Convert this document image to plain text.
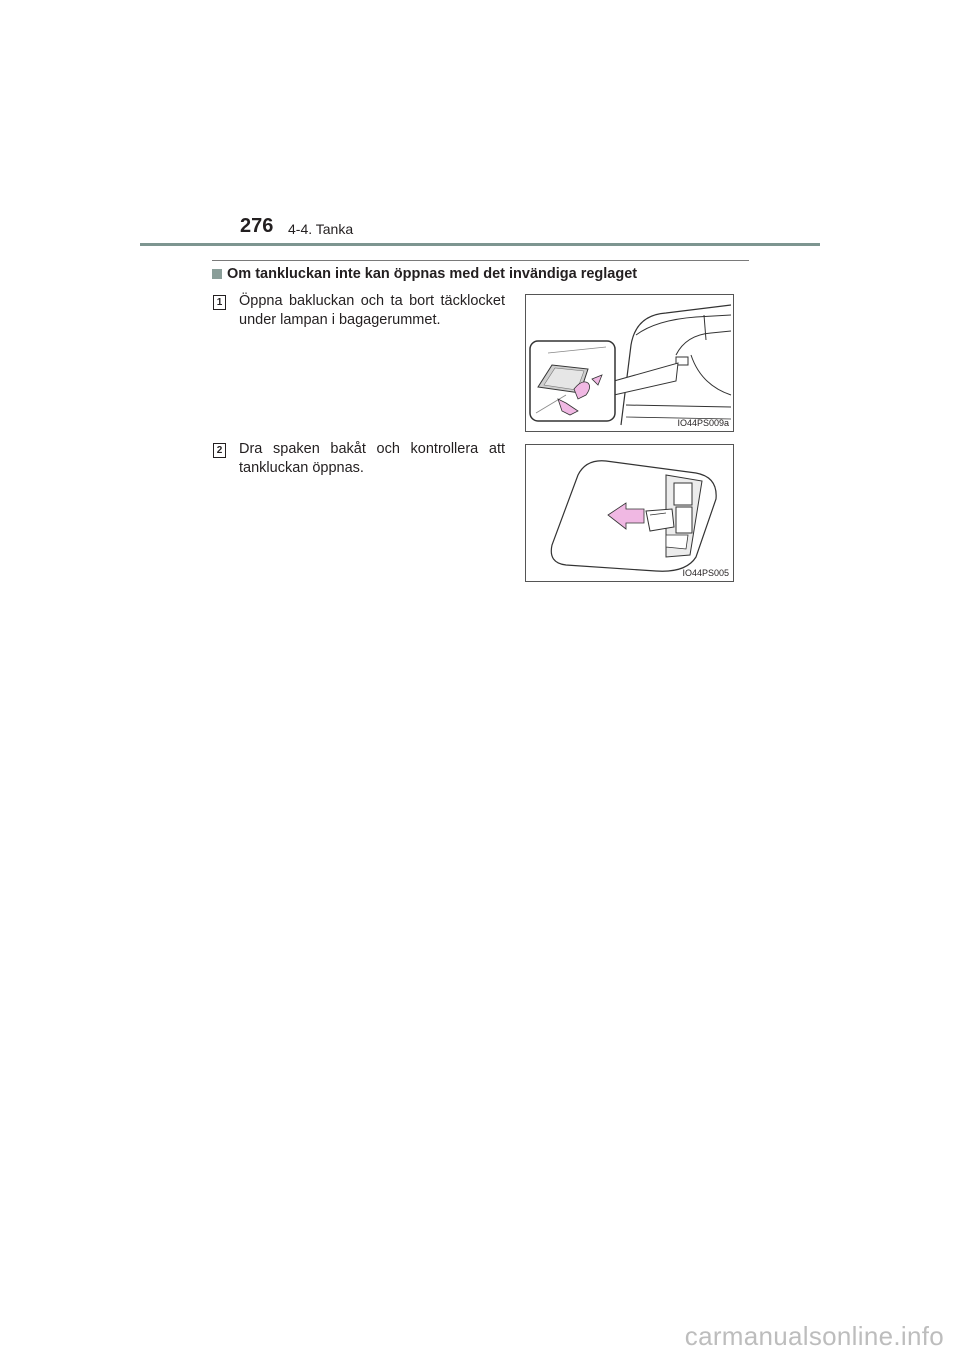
276 4-4. Tanka
Om tankluckan inte kan öppnas med det invändiga reglaget
1 Öppna bakluckan och ta bort täcklocket under lampan i bagagerummet.
IO44PS009a
2 Dra spaken bakåt och kontrollera att tankluckan öppnas.
IO44PS005
carmanualsonline.info
